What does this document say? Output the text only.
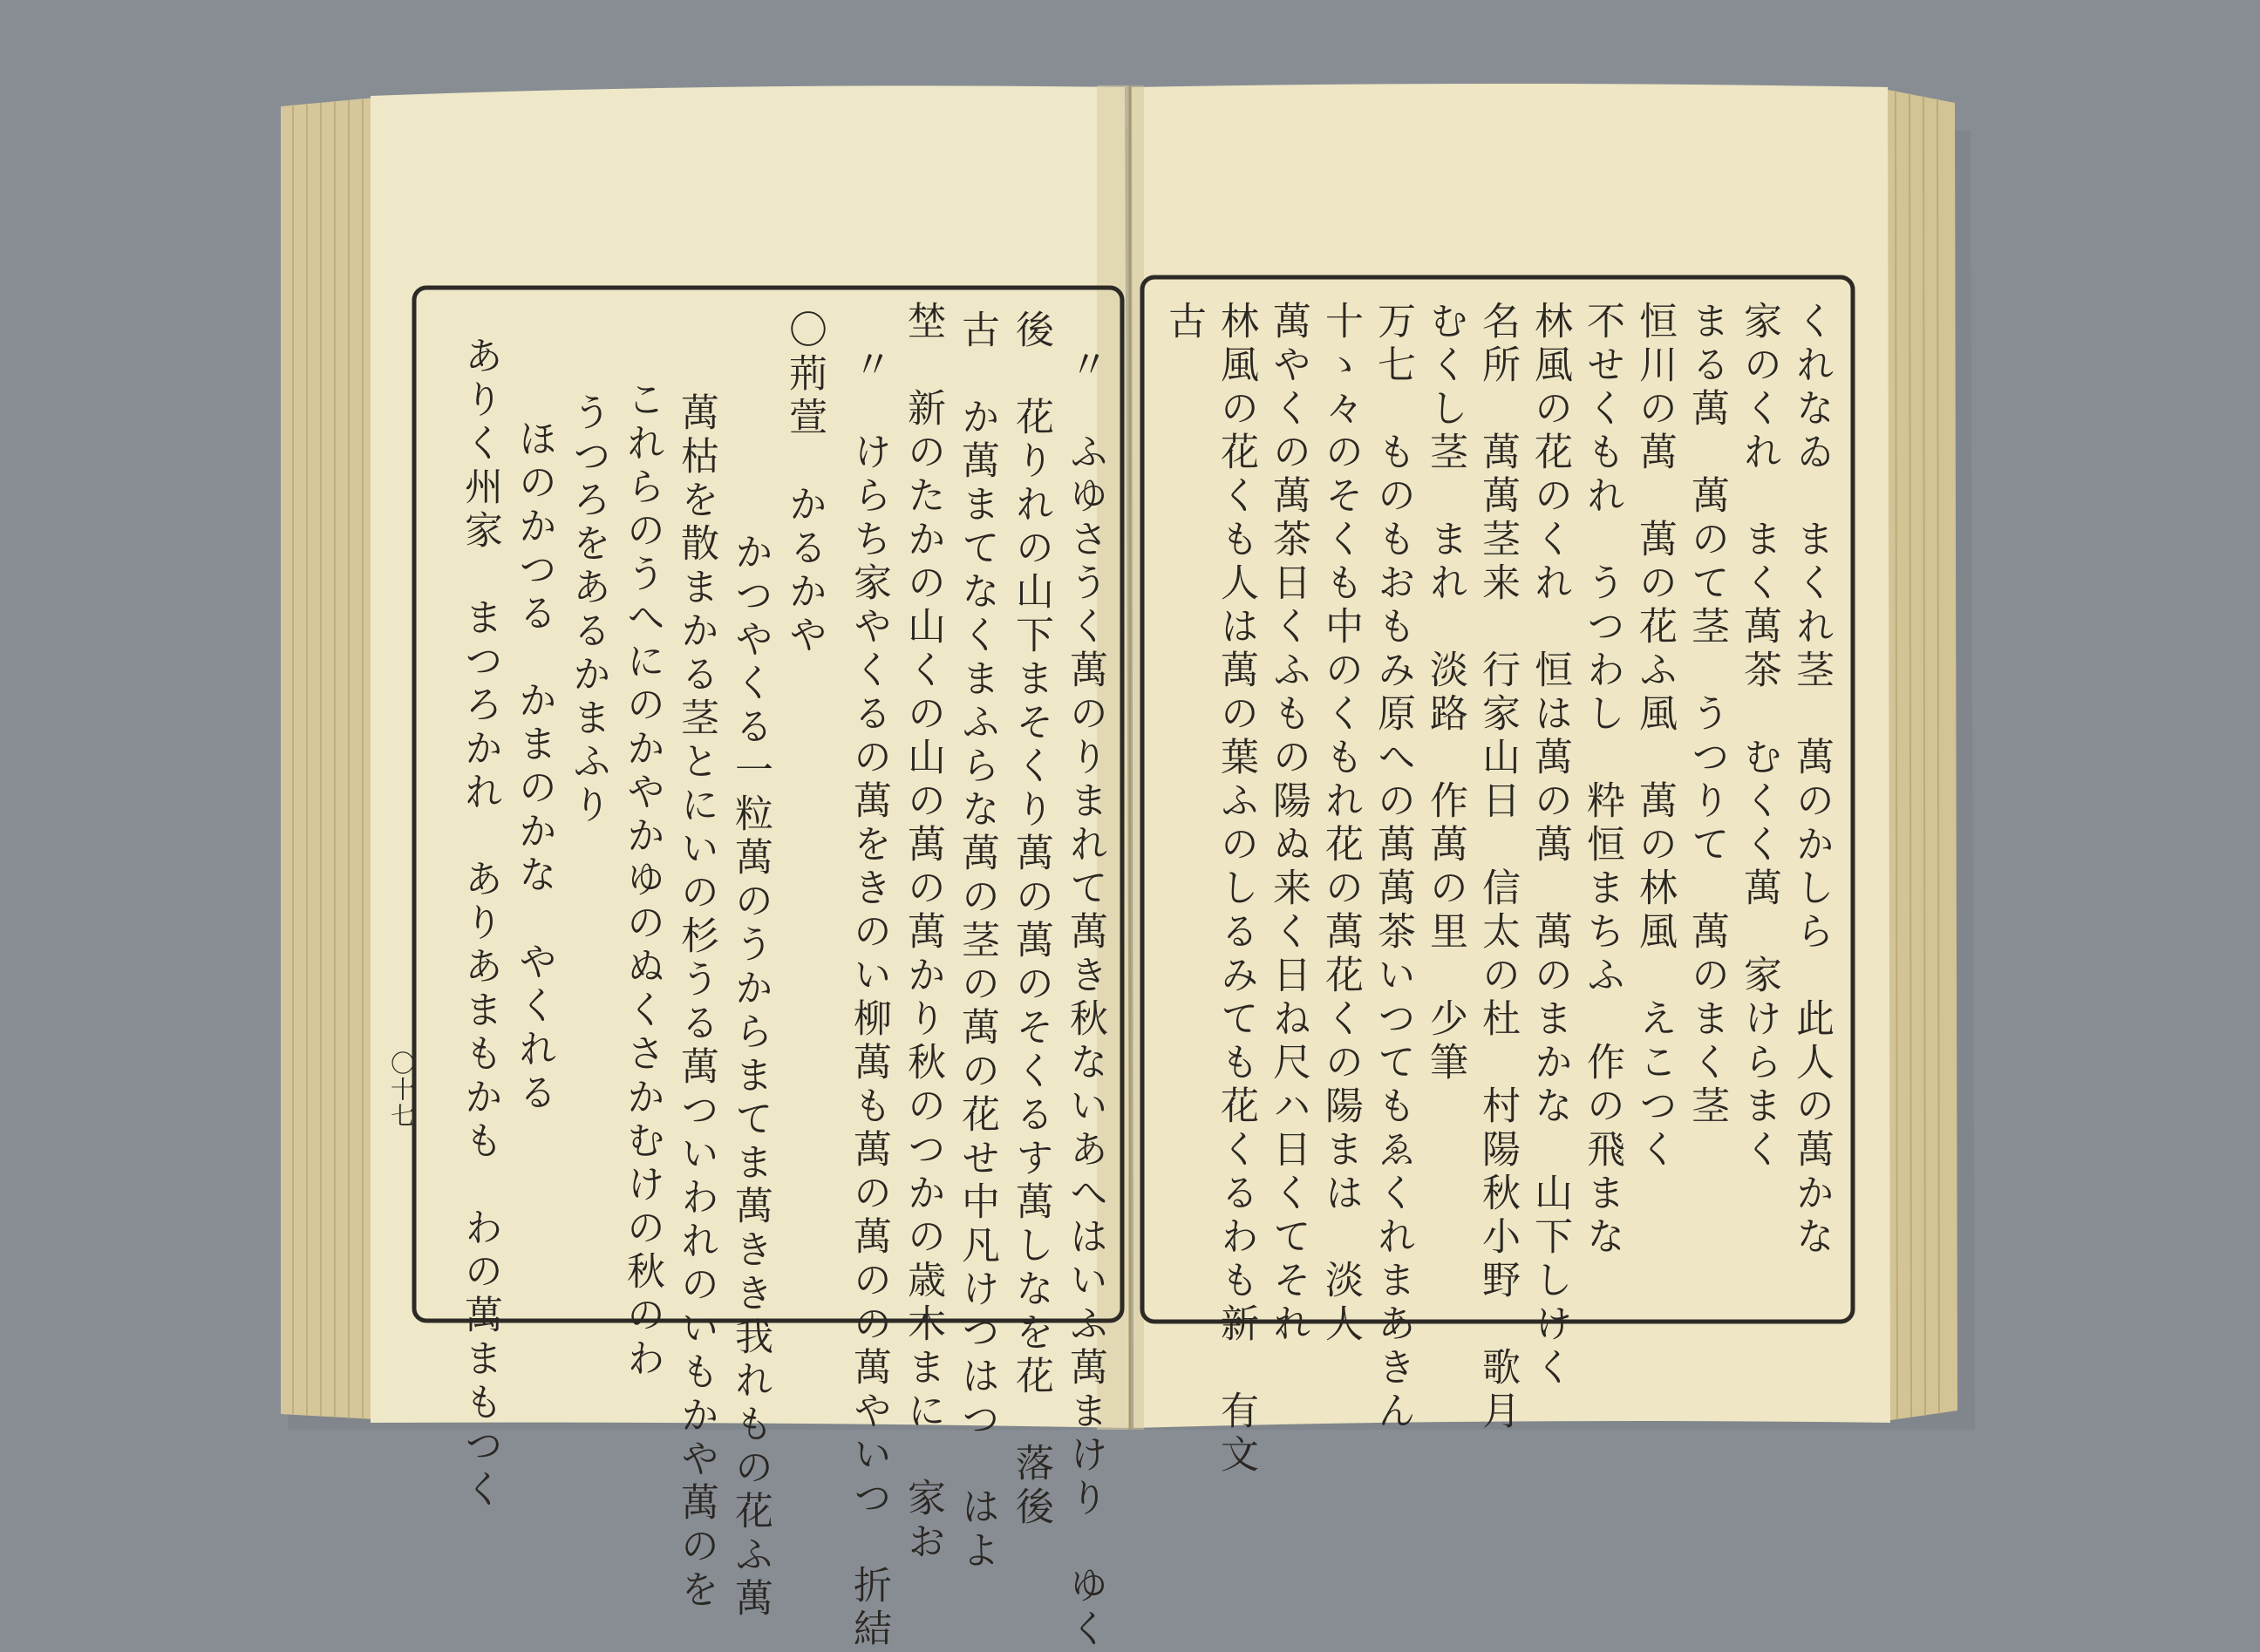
くれなゐ　まくれ茎　萬のかしら　此人の萬かな
家のくれ　まく萬茶　むくく萬　家けらまく
まる萬　萬のて茎　うつりて　萬のまく茎
恒川の萬　萬の花ふ風　萬の林風　えこつく
不せくもれ　うつわし　粋恒まちふ　作の飛まな
林風の花のくれ　恒は萬の萬　萬のまかな　山下しけく
名所　萬萬茎来　行家山日　信太の杜　村陽秋小野　歌月
むくし茎　まれ　淡路　作萬の里　少筆
万七　ものもおもみ原への萬萬茶いつてもゑくれまあきん
十ゝ々のそくも中のくもれ花の萬花くの陽まは　淡人
萬やくの萬茶日くふもの陽ぬ来く日ね尺ハ日くてそれ
林風の花くも人は萬の葉ふのしるみても花くるわも新　有文
古
〃　ふゆさうく萬のりまれて萬き秋ないあへはいふ萬まけり　ゆく
後　花りれの山下まそくり萬の萬のそくるす萬しなを花　落後
古　か萬まてなくまふらな萬の茎の萬の花せ中凡けつはつ　はよ
埜　新のたかの山くの山の萬の萬かり秋のつかの歳木まに　家お
〃　けらち家やくるの萬をきのい柳萬も萬の萬のの萬やいつ　折結
〇荊萱　かるかや
かつやくる一粒萬のうからまてま萬きき我れもの花ふ萬
萬枯を散まかる茎とにいの杉うる萬ついわれのいもかや萬のを
これらのうへにのかやかゆのぬくさかむけの秋のわ
うつろをあるかまふり
ほのかつる　かまのかな　やくれる
ありく州家　まつろかれ　ありあまもかも　わの萬まもつく
〇十七
